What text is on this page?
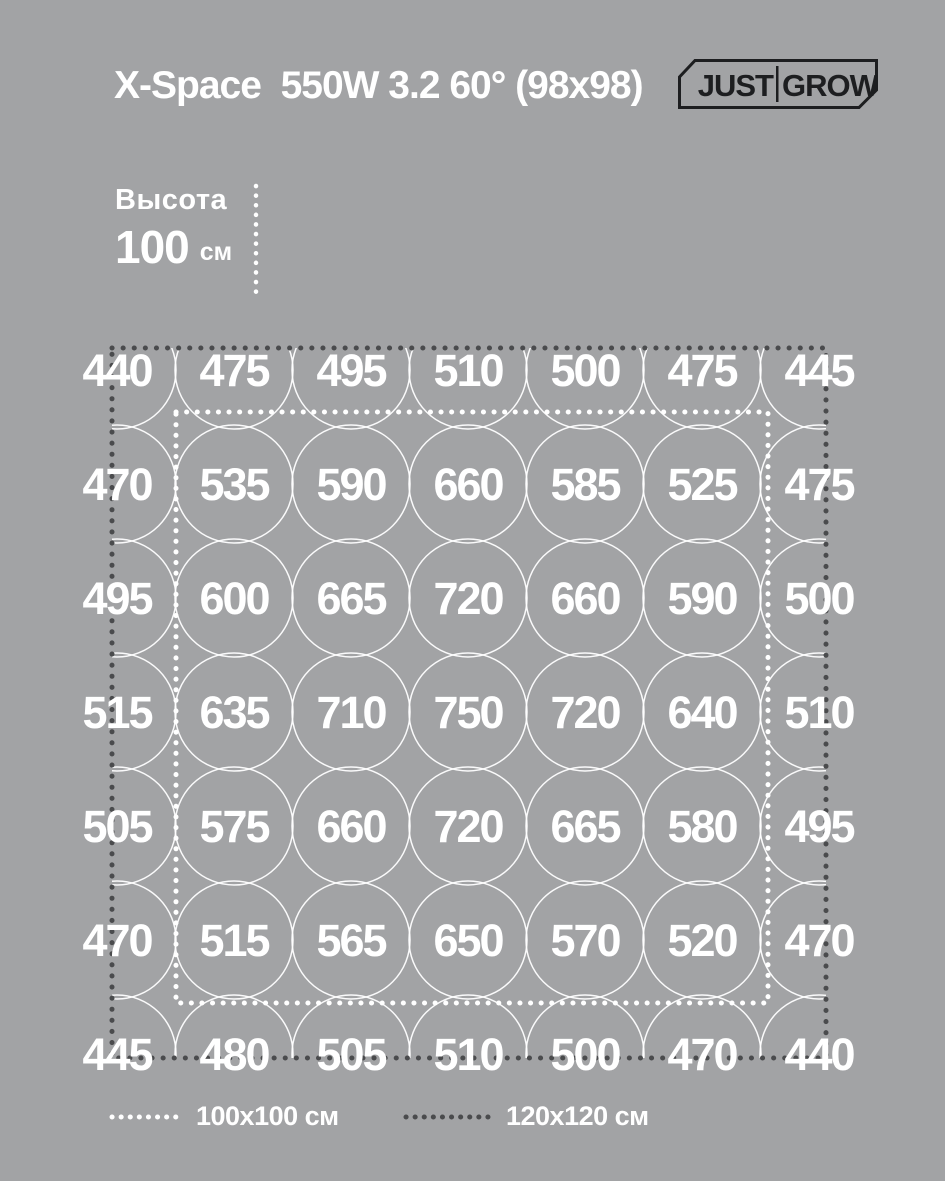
X-Space  550W 3.2 60° (98x98) JUST GROW
Высота
100 см
440 475 495 510 500 475 445
470 535 590 660 585 525 475
495 600 665 720 660 590 500
515 635 710 750 720 640 510
505 575 660 720 665 580 495
470 515 565 650 570 520 470
445 480 505 510 500 470 440
100x100 см	120x120 см
